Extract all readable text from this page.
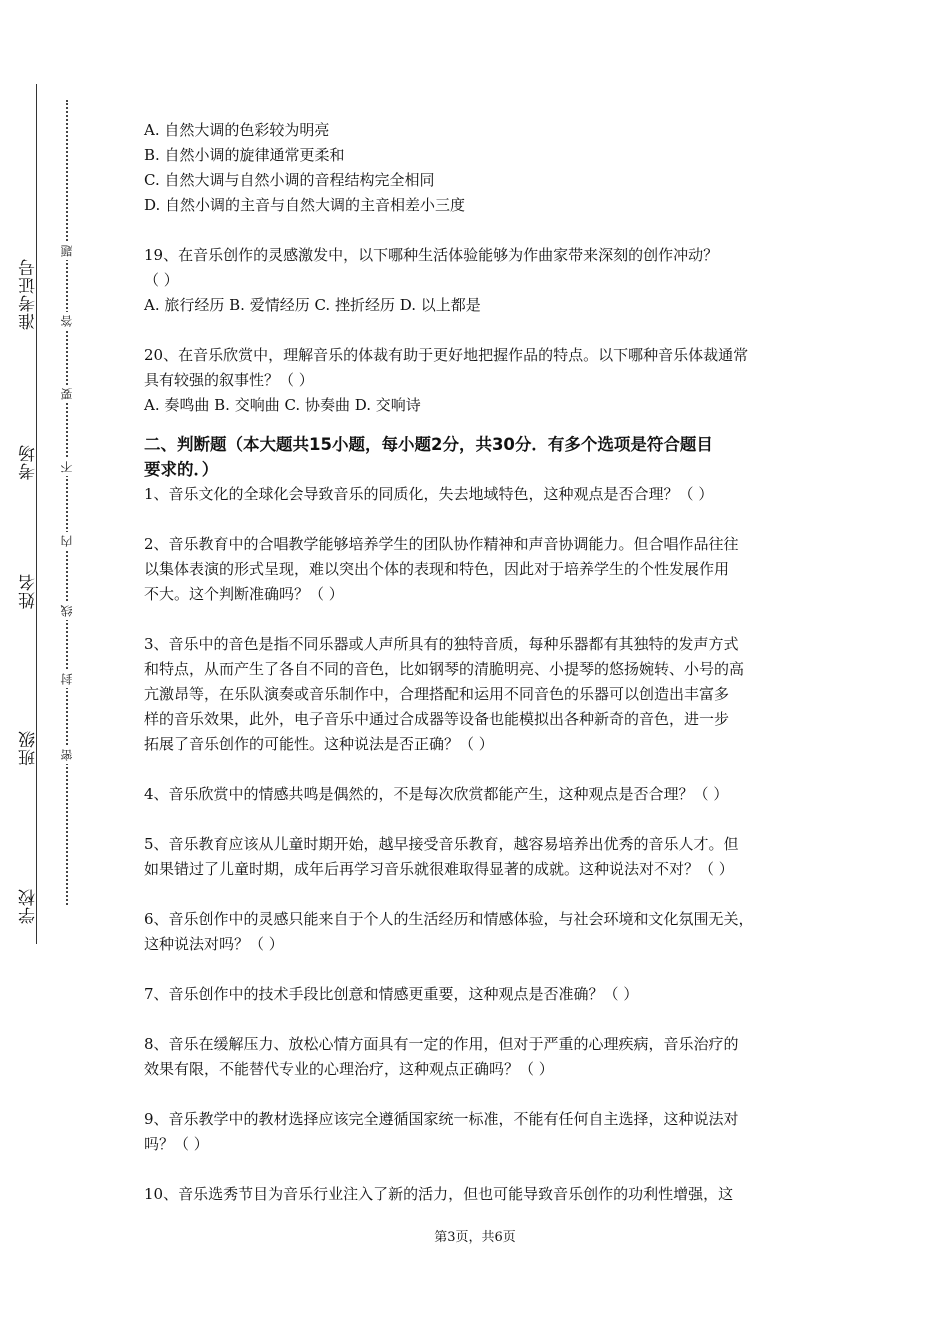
学校
班级
姓名
考场
准考证号
密
封
线
内
不
要
答
题

A. 自然大调的色彩较为明亮

B. 自然小调的旋律通常更柔和

C. 自然大调与自然小调的音程结构完全相同

D. 自然小调的主音与自然大调的主音相差小三度

19、在音乐创作的灵感激发中，以下哪种生活体验能够为作曲家带来深刻的创作冲动？

（ ）

A. 旅行经历 B. 爱情经历 C. 挫折经历 D. 以上都是

20、在音乐欣赏中，理解音乐的体裁有助于更好地把握作品的特点。以下哪种音乐体裁通常

具有较强的叙事性？（ ）

A. 奏鸣曲 B. 交响曲 C. 协奏曲 D. 交响诗

二、判断题（本大题共15小题，每小题2分，共30分．有多个选项是符合题目
要求的．）

1、音乐文化的全球化会导致音乐的同质化，失去地域特色，这种观点是否合理？（ ）

2、音乐教育中的合唱教学能够培养学生的团队协作精神和声音协调能力。但合唱作品往往

以集体表演的形式呈现，难以突出个体的表现和特色，因此对于培养学生的个性发展作用

不大。这个判断准确吗？（ ）

3、音乐中的音色是指不同乐器或人声所具有的独特音质，每种乐器都有其独特的发声方式

和特点，从而产生了各自不同的音色，比如钢琴的清脆明亮、小提琴的悠扬婉转、小号的高

亢激昂等，在乐队演奏或音乐制作中，合理搭配和运用不同音色的乐器可以创造出丰富多

样的音乐效果，此外，电子音乐中通过合成器等设备也能模拟出各种新奇的音色，进一步

拓展了音乐创作的可能性。这种说法是否正确？（ ）

4、音乐欣赏中的情感共鸣是偶然的，不是每次欣赏都能产生，这种观点是否合理？（ ）

5、音乐教育应该从儿童时期开始，越早接受音乐教育，越容易培养出优秀的音乐人才。但

如果错过了儿童时期，成年后再学习音乐就很难取得显著的成就。这种说法对不对？（ ）

6、音乐创作中的灵感只能来自于个人的生活经历和情感体验，与社会环境和文化氛围无关，

这种说法对吗？（ ）

7、音乐创作中的技术手段比创意和情感更重要，这种观点是否准确？（ ）

8、音乐在缓解压力、放松心情方面具有一定的作用，但对于严重的心理疾病，音乐治疗的

效果有限，不能替代专业的心理治疗，这种观点正确吗？（ ）

9、音乐教学中的教材选择应该完全遵循国家统一标准，不能有任何自主选择，这种说法对

吗？（ ）

10、音乐选秀节目为音乐行业注入了新的活力，但也可能导致音乐创作的功利性增强，这

第3页，共6页
